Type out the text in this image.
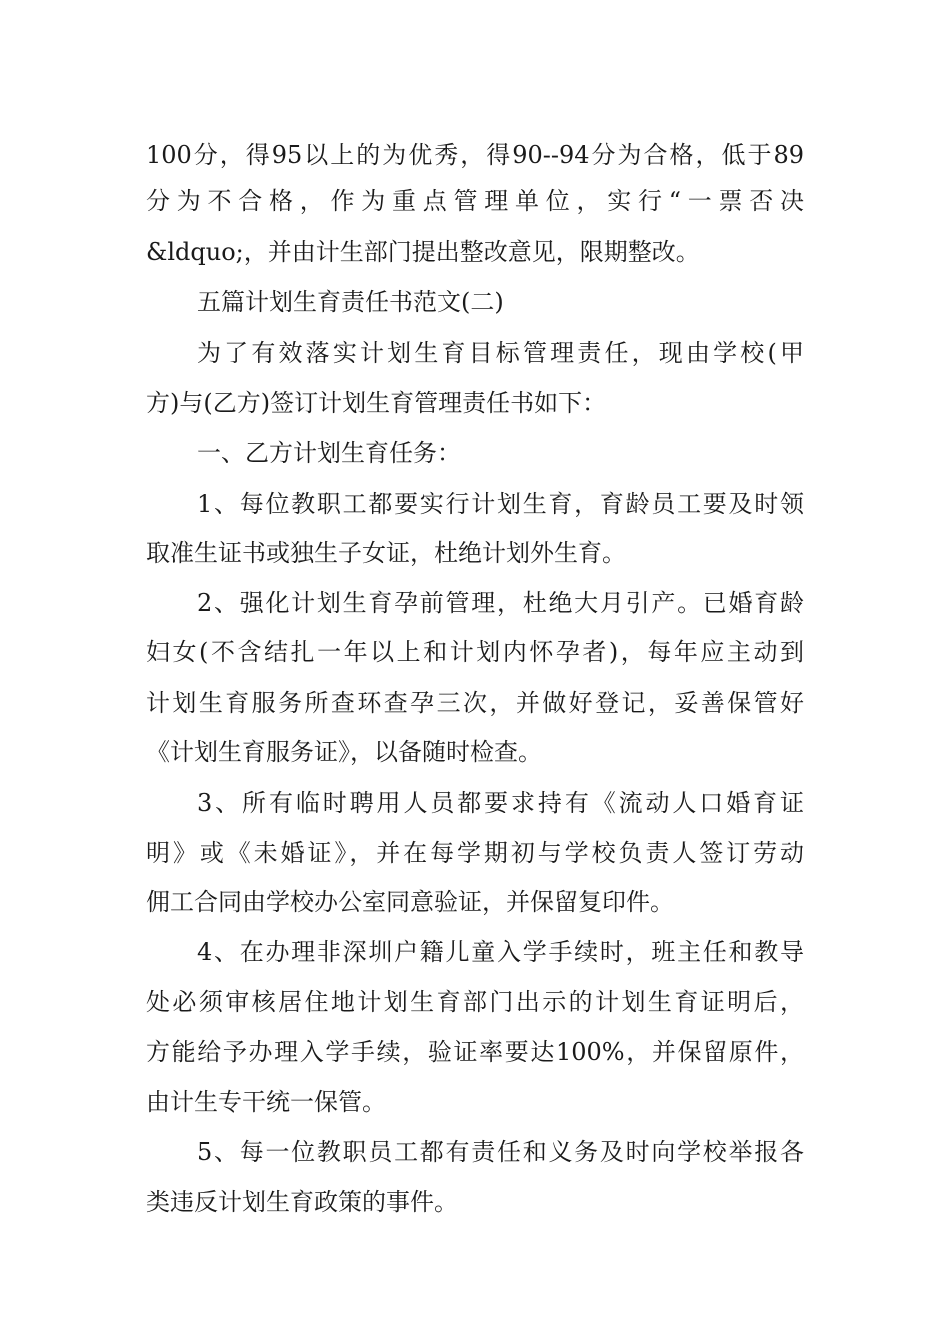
100分，得95以上的为优秀，得90--94分为合格，低于89
分为不合格，作为重点管理单位，实行“一票否决
&ldquo;，并由计生部门提出整改意见，限期整改。
五篇计划生育责任书范文(二)
为了有效落实计划生育目标管理责任，现由学校(甲
方)与(乙方)签订计划生育管理责任书如下：
一、乙方计划生育任务：
1、每位教职工都要实行计划生育，育龄员工要及时领
取准生证书或独生子女证，杜绝计划外生育。
2、强化计划生育孕前管理，杜绝大月引产。已婚育龄
妇女(不含结扎一年以上和计划内怀孕者)，每年应主动到
计划生育服务所查环查孕三次，并做好登记，妥善保管好
《计划生育服务证》，以备随时检查。
3、所有临时聘用人员都要求持有《流动人口婚育证
明》或《未婚证》，并在每学期初与学校负责人签订劳动
佣工合同由学校办公室同意验证，并保留复印件。
4、在办理非深圳户籍儿童入学手续时，班主任和教导
处必须审核居住地计划生育部门出示的计划生育证明后，
方能给予办理入学手续，验证率要达100%，并保留原件，
由计生专干统一保管。
5、每一位教职员工都有责任和义务及时向学校举报各
类违反计划生育政策的事件。
